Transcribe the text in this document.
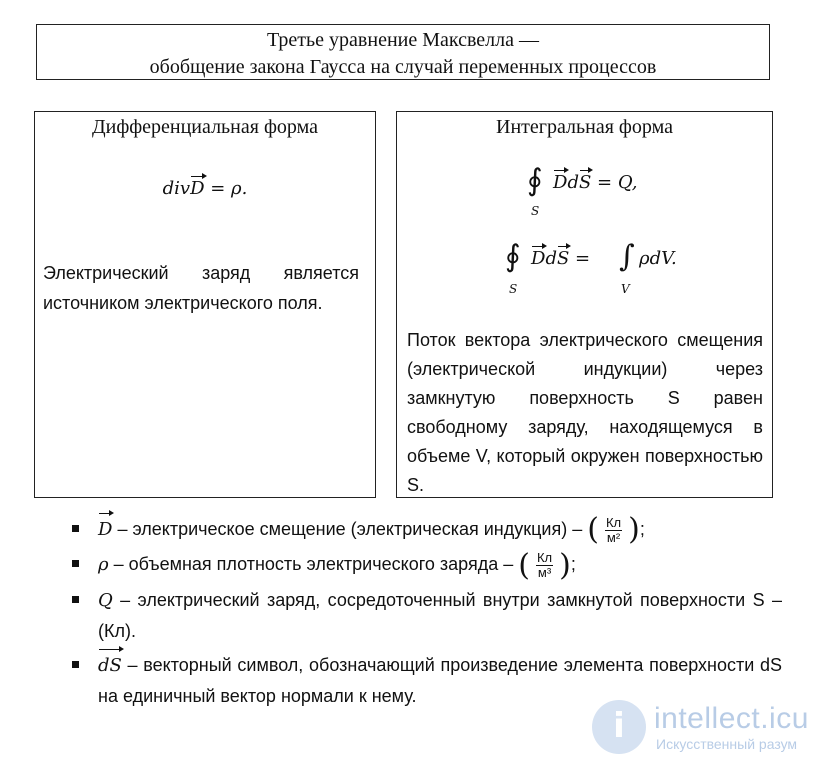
Третье уравнение Максвелла —
обобщение закона Гаусса на случай переменных процессов
Дифференциальная форма
divD = ρ.
Электрический заряд является источником электрического поля.
Интегральная форма
∮
S
DdS = Q,
∮
S
DdS = ∫
V
ρdV.
Поток вектора электрического смещения (электрической индукции) через замкнутую поверхность S равен свободному заряду, находящемуся в объеме V, который окружен поверхностью S.
D – электрическое смещение (электрическая индукция) – ( $\frac{Кл}{\text{м²}}$ ) ;
ρ – объемная плотность электрического заряда – ( $\frac{Кл}{\text{м³}}$ ) ;
Q – электрический заряд, сосредоточенный внутри замкнутой поверхности S – (Кл).
dS – векторный символ, обозначающий произведение элемента поверхности dS на единичный вектор нормали к нему.
i intellect.icu
Искусственный разум
